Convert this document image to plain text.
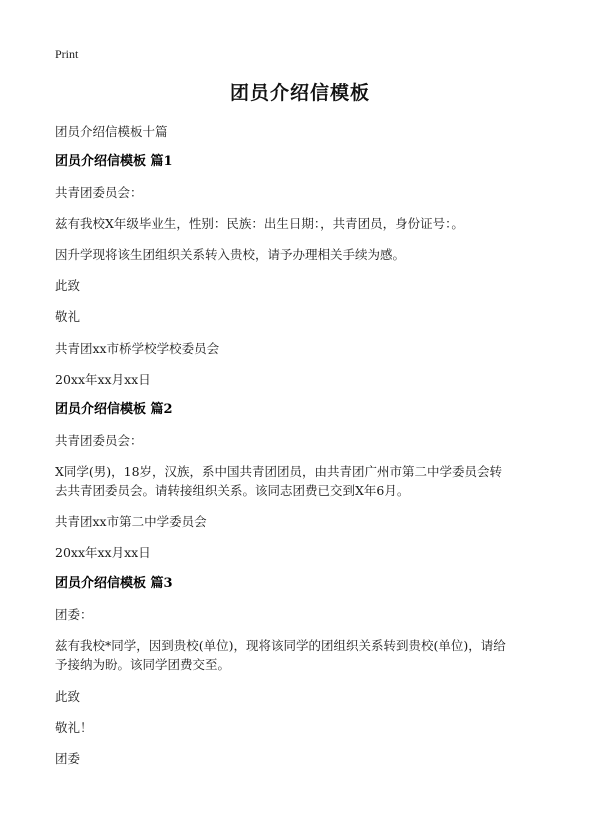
Print
团员介绍信模板
团员介绍信模板十篇
团员介绍信模板 篇1
共青团委员会：
兹有我校X年级毕业生，性别：民族：出生日期：，共青团员，身份证号：。
因升学现将该生团组织关系转入贵校，请予办理相关手续为感。
此致
敬礼
共青团xx市桥学校学校委员会
20xx年xx月xx日
团员介绍信模板 篇2
共青团委员会：
X同学(男)，18岁，汉族，系中国共青团团员，由共青团广州市第二中学委员会转
去共青团委员会。请转接组织关系。该同志团费已交到X年6月。
共青团xx市第二中学委员会
20xx年xx月xx日
团员介绍信模板 篇3
团委：
兹有我校*同学，因到贵校(单位)，现将该同学的团组织关系转到贵校(单位)，请给
予接纳为盼。该同学团费交至。
此致
敬礼！
团委
